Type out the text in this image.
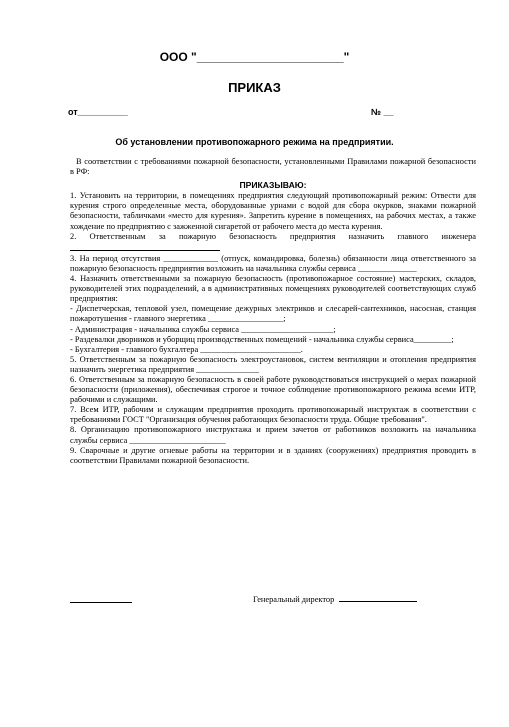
ООО "______________________"
ПРИКАЗ
от__________	№ __
Об установлении противопожарного режима на предприятии.

В соответствии с требованиями пожарной безопасности, установленными Правилами пожарной безопасности в РФ:

ПРИКАЗЫВАЮ:

1. Установить на территории, в помещениях предприятия следующий противопожарный режим: Отвести для курения строго определенные места, оборудованные урнами с водой для сбора окурков, знаками пожарной безопасности, табличками «место для курения». Запретить курение в помещениях, на рабочих местах, а также хождение по предприятию с зажженной сигаретой от рабочего места до места курения.

2. Ответственным за пожарную безопасность предприятия назначить главного инженера

3. На период отсутствия _____________ (отпуск, командировка, болезнь) обязанности лица ответственного за пожарную безопасность предприятия возложить на начальника службы сервиса ______________

4. Назначить ответственными за пожарную безопасность (противопожарное состояние) мастерских, складов, руководителей этих подразделений, а в административных помещениях руководителей соответствующих служб предприятия:

- Диспетчерская, тепловой узел, помещение дежурных электриков и слесарей-сантехников, насосная, станция пожаротушения - главного энергетика __________________;

- Администрация - начальника службы сервиса ______________________;

- Раздевалки дворников и уборщиц производственных помещений - начальника службы сервиса_________;

- Бухгалтерия - главного бухгалтера ________________________.

5. Ответственным за пожарную безопасность электроустановок, систем вентиляции и отопления предприятия назначить энергетика предприятия _______________

6. Ответственным за пожарную безопасность в своей работе руководствоваться инструкцией о мерах пожарной безопасности (приложения), обеспечивая строгое и точное соблюдение противопожарного режима всеми ИТР, рабочими и служащими.

7. Всем ИТР, рабочим и служащим предприятия проходить противопожарный инструктаж в соответствии с требованиями ГОСТ "Организация обучения работающих безопасности труда. Общие требования".

8. Организацию противопожарного инструктажа и прием зачетов от работников возложить на начальника службы сервиса _______________________

9. Сварочные и другие огневые работы на территории и в зданиях (сооружениях) предприятия проводить в соответствии Правилами пожарной безопасности.

Генеральный директор
